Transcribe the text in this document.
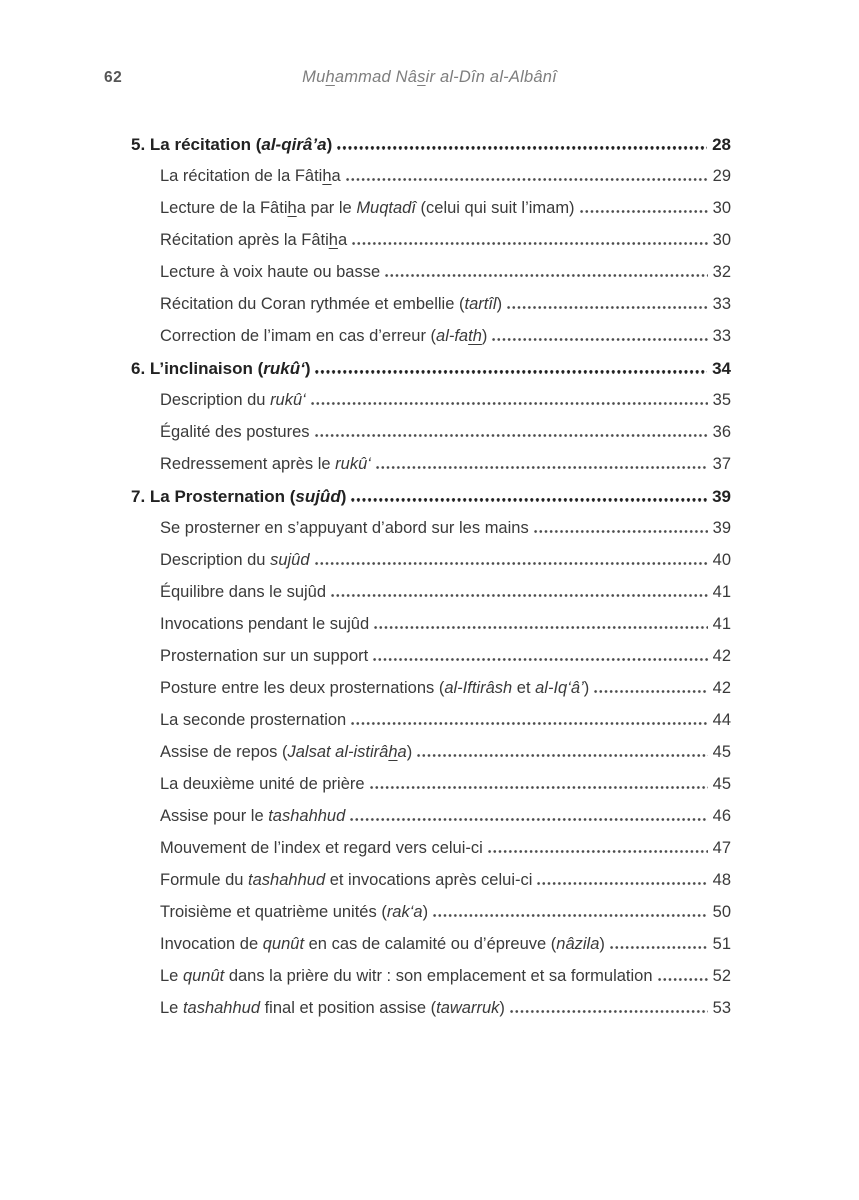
62	Muhammad Nâsir al-Dîn al-Albânî
5. La récitation (al-qirâ’a)	28
La récitation de la Fâtiha	29
Lecture de la Fâtiha par le Muqtadî (celui qui suit l’imam)	30
Récitation après la Fâtiha	30
Lecture à voix haute ou basse	32
Récitation du Coran rythmée et embellie (tartîl)	33
Correction de l’imam en cas d’erreur (al-fath)	33
6. L’inclinaison (rukû‘)	34
Description du rukû‘	35
Égalité des postures	36
Redressement après le rukû‘	37
7. La Prosternation (sujûd)	39
Se prosterner en s’appuyant d’abord sur les mains	39
Description du sujûd	40
Équilibre dans le sujûd	41
Invocations pendant le sujûd	41
Prosternation sur un support	42
Posture entre les deux prosternations (al-Iftirâsh et al-Iq‘â’)	42
La seconde prosternation	44
Assise de repos (Jalsat al-istirâha)	45
La deuxième unité de prière	45
Assise pour le tashahhud	46
Mouvement de l’index et regard vers celui-ci	47
Formule du tashahhud et invocations après celui-ci	48
Troisième et quatrième unités (rak‘a)	50
Invocation de qunût en cas de calamité ou d’épreuve (nâzila)	51
Le qunût dans la prière du witr : son emplacement et sa formulation	52
Le tashahhud final et position assise (tawarruk)	53
